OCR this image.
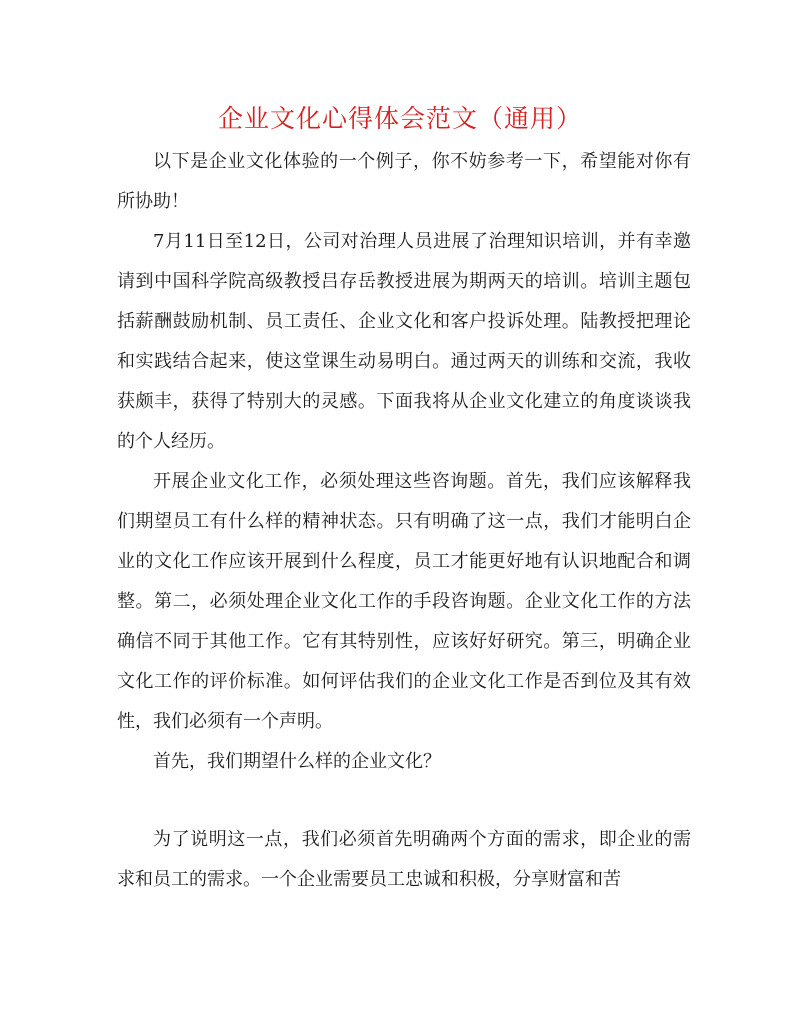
企业文化心得体会范文（通用）

以下是企业文化体验的一个例子，你不妨参考一下，希望能对你有所协助！

7月11日至12日，公司对治理人员进展了治理知识培训，并有幸邀请到中国科学院高级教授吕存岳教授进展为期两天的培训。培训主题包括薪酬鼓励机制、员工责任、企业文化和客户投诉处理。陆教授把理论和实践结合起来，使这堂课生动易明白。通过两天的训练和交流，我收获颇丰，获得了特别大的灵感。下面我将从企业文化建立的角度谈谈我的个人经历。

开展企业文化工作，必须处理这些咨询题。首先，我们应该解释我们期望员工有什么样的精神状态。只有明确了这一点，我们才能明白企业的文化工作应该开展到什么程度，员工才能更好地有认识地配合和调整。第二，必须处理企业文化工作的手段咨询题。企业文化工作的方法确信不同于其他工作。它有其特别性，应该好好研究。第三，明确企业文化工作的评价标准。如何评估我们的企业文化工作是否到位及其有效性，我们必须有一个声明。

首先，我们期望什么样的企业文化？

为了说明这一点，我们必须首先明确两个方面的需求，即企业的需求和员工的需求。一个企业需要员工忠诚和积极，分享财富和苦
